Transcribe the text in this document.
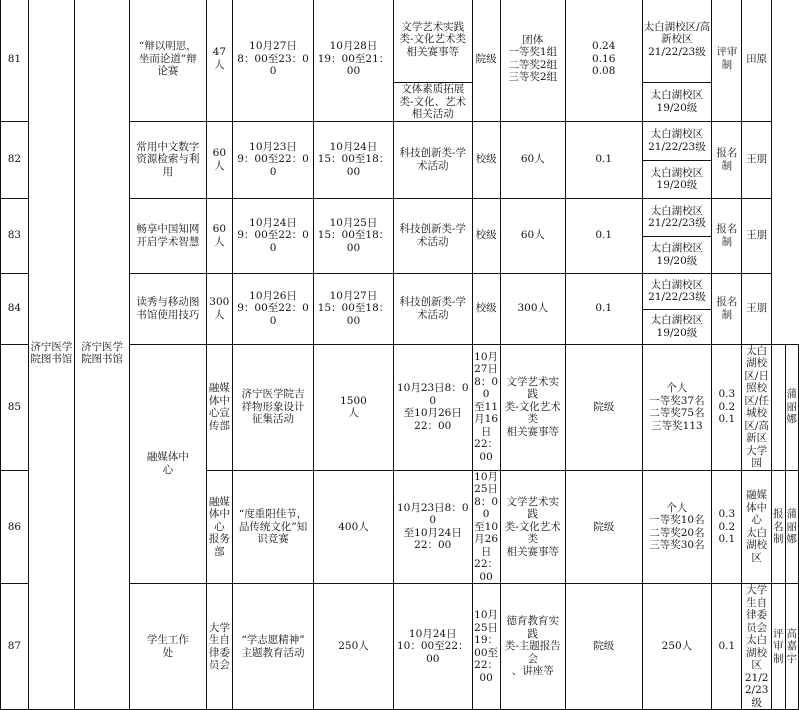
81	济宁医学
院图书馆	济宁医学
院图书馆	“辩以明思，
坐而论道”辩
论赛	47人	10月27日
8：00至23：00	10月28日
19：00至21：00	文学艺术实践
类-文化艺术类
相关赛事等	院级	团体
一等奖1组
二等奖2组
三等奖2组	0.24
0.16
0.08	太白湖校区/高
新校区
21/22/23级	评审
制	田原		
							文体素质拓展
类-文化、艺术
相关活动				太白湖校区
19/20级				
82			常用中文数字
资源检索与利
用	60人	10月23日
9：00至22：00	10月24日
15：00至18：00	科技创新类-学
术活动	校级	60人	0.1	太白湖校区
21/22/23级	报名
制	王朋		
											太白湖校区
19/20级				
83			畅享中国知网
开启学术智慧	60人	10月24日
9：00至22：00	10月25日
15：00至18：00	科技创新类-学
术活动	校级	60人	0.1	太白湖校区
21/22/23级	报名
制	王朋		
											太白湖校区
19/20级				
84			读秀与移动图
书馆使用技巧	300人	10月26日
9：00至22：00	10月27日
15：00至18：00	科技创新类-学
术活动	校级	300人	0.1	太白湖校区
21/22/23级	报名
制	王朋		
											太白湖校区
19/20级				
85			融媒体中
心	融媒体中
心宣传部	济宁医学院吉
祥物形象设计
征集活动	1500
人	10月23日8：00
至10月26日
22：00	10月27日8：00
至11月16日
22：00	文学艺术实践
类-文化艺术类
相关赛事等	院级	个人
一等奖37名
二等奖75名
三等奖113	0.3
0.2
0.1	太白湖校区/日
照校区/任城校
区/高新区大学
园		蒲丽
娜
86				融媒体中
心
报务部	“度重阳佳节，
品传统文化”知
识竞赛	400人	10月23日8：00
至10月24日
22：00	10月25日8：00
至10月26日
22：00	文学艺术实践
类-文化艺术类
相关赛事等	院级	个人
一等奖10名
二等奖20名
三等奖30名	0.3
0.2
0.1	融媒体中心
太白湖校区	报名制	蒲丽
娜
87			学生工作
处	大学生自
律委员会	“学志愿精神”
主题教育活动	250人	10月24日
10：00至22：00	10月25日
19：00至22：00	德育教育实践
类-主题报告会
、讲座等	院级	250人	0.1	大学生自律委
员会
太白湖校区
21/22/23级	评审
制	高嘉
宇
